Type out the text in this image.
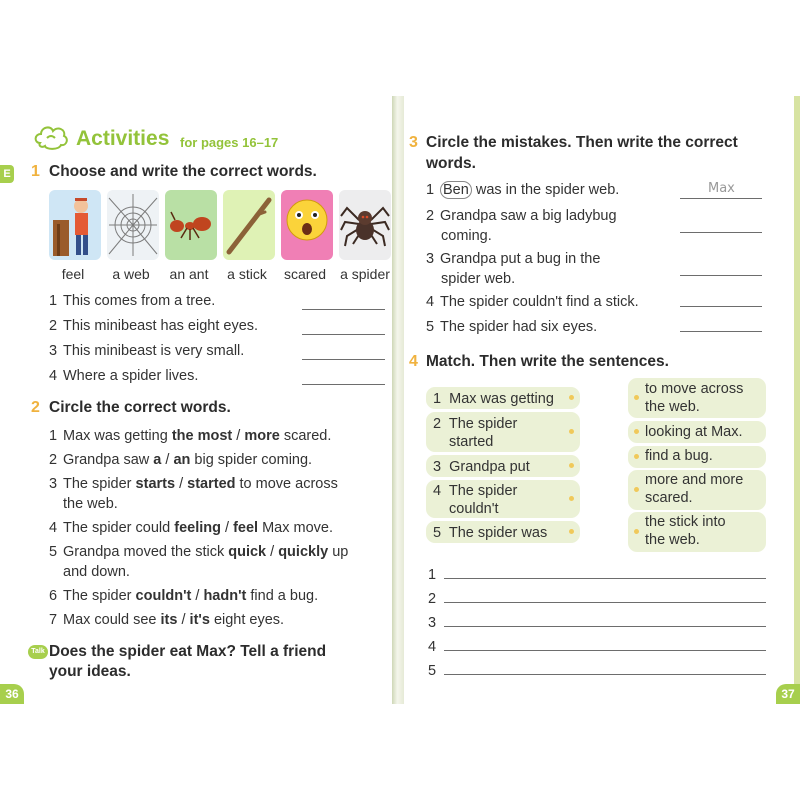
E
Activities for pages 16–17
1 Choose and write the correct words.
feel	a web	an ant	a stick	scared	a spider
1 This comes from a tree.
2 This minibeast has eight eyes.
3 This minibeast is very small.
4 Where a spider lives.
2 Circle the correct words.
1 Max was getting the most / more scared.
2 Grandpa saw a / an big spider coming.
3 The spider starts / started to move across
the web.
4 The spider could feeling / feel Max move.
5 Grandpa moved the stick quick / quickly up
and down.
6 The spider couldn't / hadn't find a bug.
7 Max could see its / it's eight eyes.
Talk Does the spider eat Max? Tell a friend
your ideas.
36
3 Circle the mistakes. Then write the correct
words.
1 Ben was in the spider web.	Max
2 Grandpa saw a big ladybug
coming.
3 Grandpa put a bug in the
spider web.
4 The spider couldn't find a stick.
5 The spider had six eyes.
4 Match. Then write the sentences.
1 Max was getting
2 The spider
started
3 Grandpa put
4 The spider
couldn't
5 The spider was
to move across
the web.
looking at Max.
find a bug.
more and more
scared.
the stick into
the web.
1
2
3
4
5
37
